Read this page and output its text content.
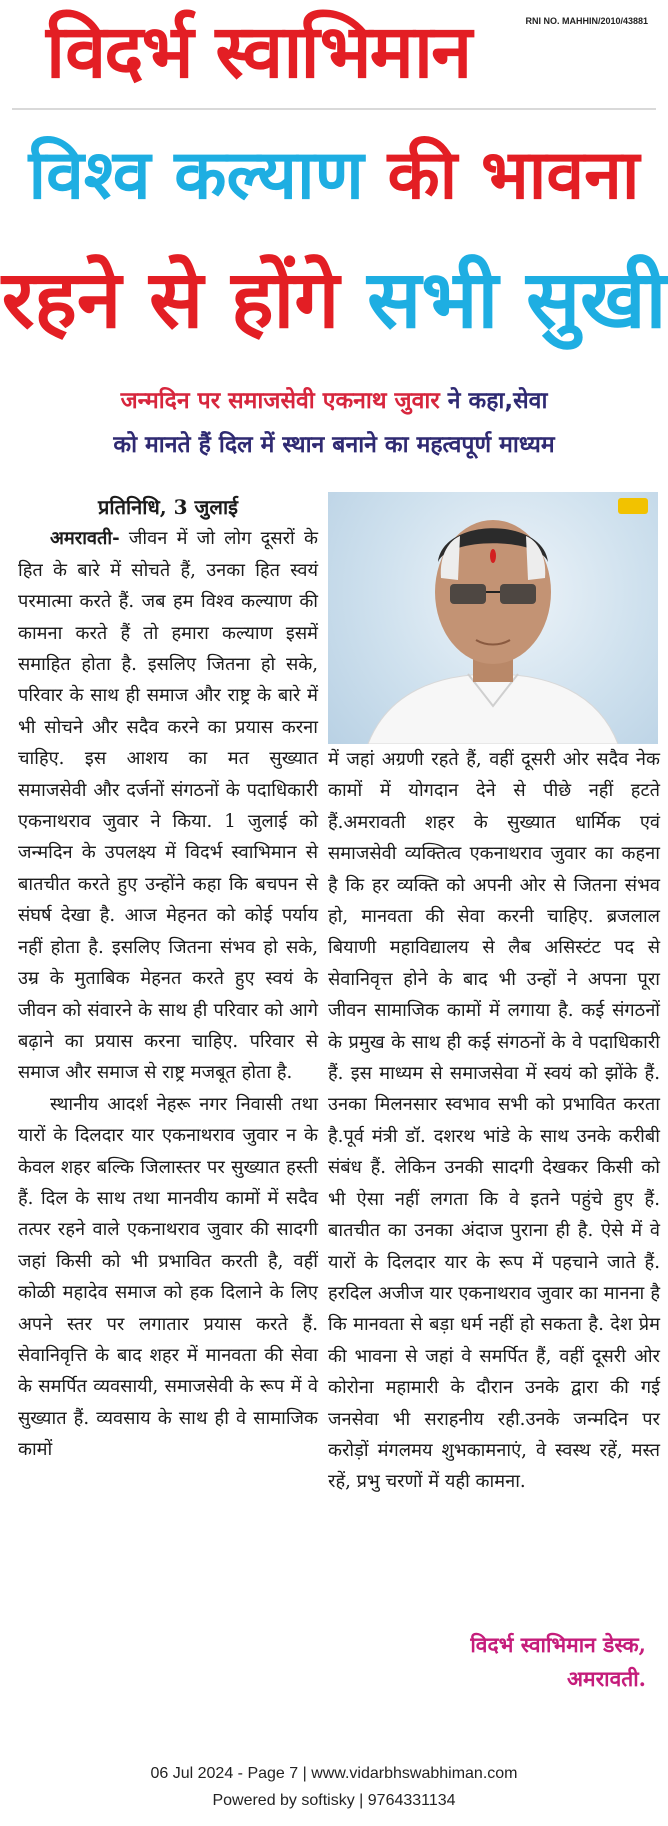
विदर्भ स्वाभिमान	RNI NO. MAHHIN/2010/43881
विश्व कल्याण की भावना
रहने से होंगे सभी सुखी
जन्मदिन पर समाजसेवी एकनाथ जुवार ने कहा,सेवा
को मानते हैं दिल में स्थान बनाने का महत्वपूर्ण माध्यम

प्रतिनिधि, 3 जुलाई

अमरावती- जीवन में जो लोग दूसरों के हित के बारे में सोचते हैं, उनका हित स्वयं परमात्मा करते हैं. जब हम विश्व कल्याण की कामना करते हैं तो हमारा कल्याण इसमें समाहित होता है. इसलिए जितना हो सके, परिवार के साथ ही समाज और राष्ट्र के बारे में भी सोचने और सदैव करने का प्रयास करना चाहिए. इस आशय का मत सुख्यात समाजसेवी और दर्जनों संगठनों के पदाधिकारी एकनाथराव जुवार ने किया. 1 जुलाई को जन्मदिन के उपलक्ष्य में विदर्भ स्वाभिमान से बातचीत करते हुए उन्होंने कहा कि बचपन से संघर्ष देखा है. आज मेहनत को कोई पर्याय नहीं होता है. इसलिए जितना संभव हो सके, उम्र के मुताबिक मेहनत करते हुए स्वयं के जीवन को संवारने के साथ ही परिवार को आगे बढ़ाने का प्रयास करना चाहिए. परिवार से समाज और समाज से राष्ट्र मजबूत होता है.

स्थानीय आदर्श नेहरू नगर निवासी तथा यारों के दिलदार यार एकनाथराव जुवार न के केवल शहर बल्कि जिलास्तर पर सुख्यात हस्ती हैं. दिल के साथ तथा मानवीय कामों में सदैव तत्पर रहने वाले एकनाथराव जुवार की सादगी जहां किसी को भी प्रभावित करती है, वहीं कोळी महादेव समाज को हक दिलाने के लिए अपने स्तर पर लगातार प्रयास करते हैं. सेवानिवृत्ति के बाद शहर में मानवता की सेवा के समर्पित व्यवसायी, समाजसेवी के रूप में वे सुख्यात हैं. व्यवसाय के साथ ही वे सामाजिक कामों

में जहां अग्रणी रहते हैं, वहीं दूसरी ओर सदैव नेक कामों में योगदान देने से पीछे नहीं हटते हैं.अमरावती शहर के सुख्यात धार्मिक एवं समाजसेवी व्यक्तित्व एकनाथराव जुवार का कहना है कि हर व्यक्ति को अपनी ओर से जितना संभव हो, मानवता की सेवा करनी चाहिए. ब्रजलाल बियाणी महाविद्यालय से लैब असिस्टंट पद से सेवानिवृत्त होने के बाद भी उन्हों ने अपना पूरा जीवन सामाजिक कामों में लगाया है. कई संगठनों के प्रमुख के साथ ही कई संगठनों के वे पदाधिकारी हैं. इस माध्यम से समाजसेवा में स्वयं को झोंके हैं. उनका मिलनसार स्वभाव सभी को प्रभावित करता है.पूर्व मंत्री डॉ. दशरथ भांडे के साथ उनके करीबी संबंध हैं. लेकिन उनकी सादगी देखकर किसी को भी ऐसा नहीं लगता कि वे इतने पहुंचे हुए हैं. बातचीत का उनका अंदाज पुराना ही है. ऐसे में वे यारों के दिलदार यार के रूप में पहचाने जाते हैं. हरदिल अजीज यार एकनाथराव जुवार का मानना है कि मानवता से बड़ा धर्म नहीं हो सकता है. देश प्रेम की भावना से जहां वे समर्पित हैं, वहीं दूसरी ओर कोरोना महामारी के दौरान उनके द्वारा की गई जनसेवा भी सराहनीय रही.उनके जन्मदिन पर करोड़ों मंगलमय शुभकामनाएं, वे स्वस्थ रहें, मस्त रहें, प्रभु चरणों में यही कामना.

विदर्भ स्वाभिमान डेस्क,
अमरावती.
06 Jul 2024 - Page 7 | www.vidarbhswabhiman.com
Powered by softisky | 9764331134
